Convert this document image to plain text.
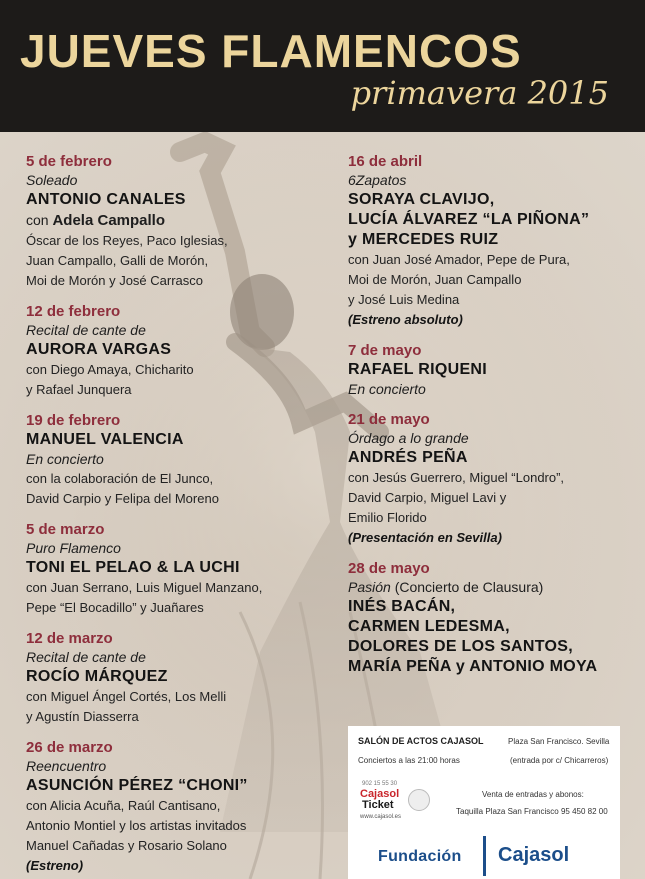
JUEVES FLAMENCOS
primavera 2015
5 de febrero
Soleado
ANTONIO CANALES
con Adela Campallo
Óscar de los Reyes, Paco Iglesias,
Juan Campallo, Galli de Morón,
Moi de Morón y José Carrasco
12 de febrero
Recital de cante de
AURORA VARGAS
con Diego Amaya, Chicharito
y Rafael Junquera
19 de febrero
MANUEL VALENCIA
En concierto
con la colaboración de El Junco,
David Carpio y Felipa del Moreno
5 de marzo
Puro Flamenco
TONI EL PELAO & LA UCHI
con Juan Serrano, Luis Miguel Manzano,
Pepe “El Bocadillo” y Juañares
12 de marzo
Recital de cante de
ROCÍO MÁRQUEZ
con Miguel Ángel Cortés, Los Melli
y Agustín Diasserra
26 de marzo
Reencuentro
ASUNCIÓN PÉREZ “CHONI”
con Alicia Acuña, Raúl Cantisano,
Antonio Montiel y los artistas invitados
Manuel Cañadas y Rosario Solano
(Estreno)
16 de abril
6Zapatos
SORAYA CLAVIJO,
LUCÍA ÁLVAREZ “LA PIÑONA”
y MERCEDES RUIZ
con Juan José Amador, Pepe de Pura,
Moi de Morón, Juan Campallo
y José Luis Medina
(Estreno absoluto)
7 de mayo
RAFAEL RIQUENI
En concierto
21 de mayo
Órdago a lo grande
ANDRÉS PEÑA
con Jesús Guerrero, Miguel “Londro”,
David Carpio, Miguel Lavi y
Emilio Florido
(Presentación en Sevilla)
28 de mayo
Pasión (Concierto de Clausura)
INÉS BACÁN,
CARMEN LEDESMA,
DOLORES DE LOS SANTOS,
MARÍA PEÑA y ANTONIO MOYA
SALÓN DE ACTOS CAJASOL	Plaza San Francisco. Sevilla
Conciertos a las 21:00 horas	(entrada por c/ Chicarreros)
902 15 55 30
Cajasol
Ticket
www.cajasol.es
Venta de entradas y abonos:
Taquilla Plaza San Francisco 95 450 82 00
Fundación Cajasol
